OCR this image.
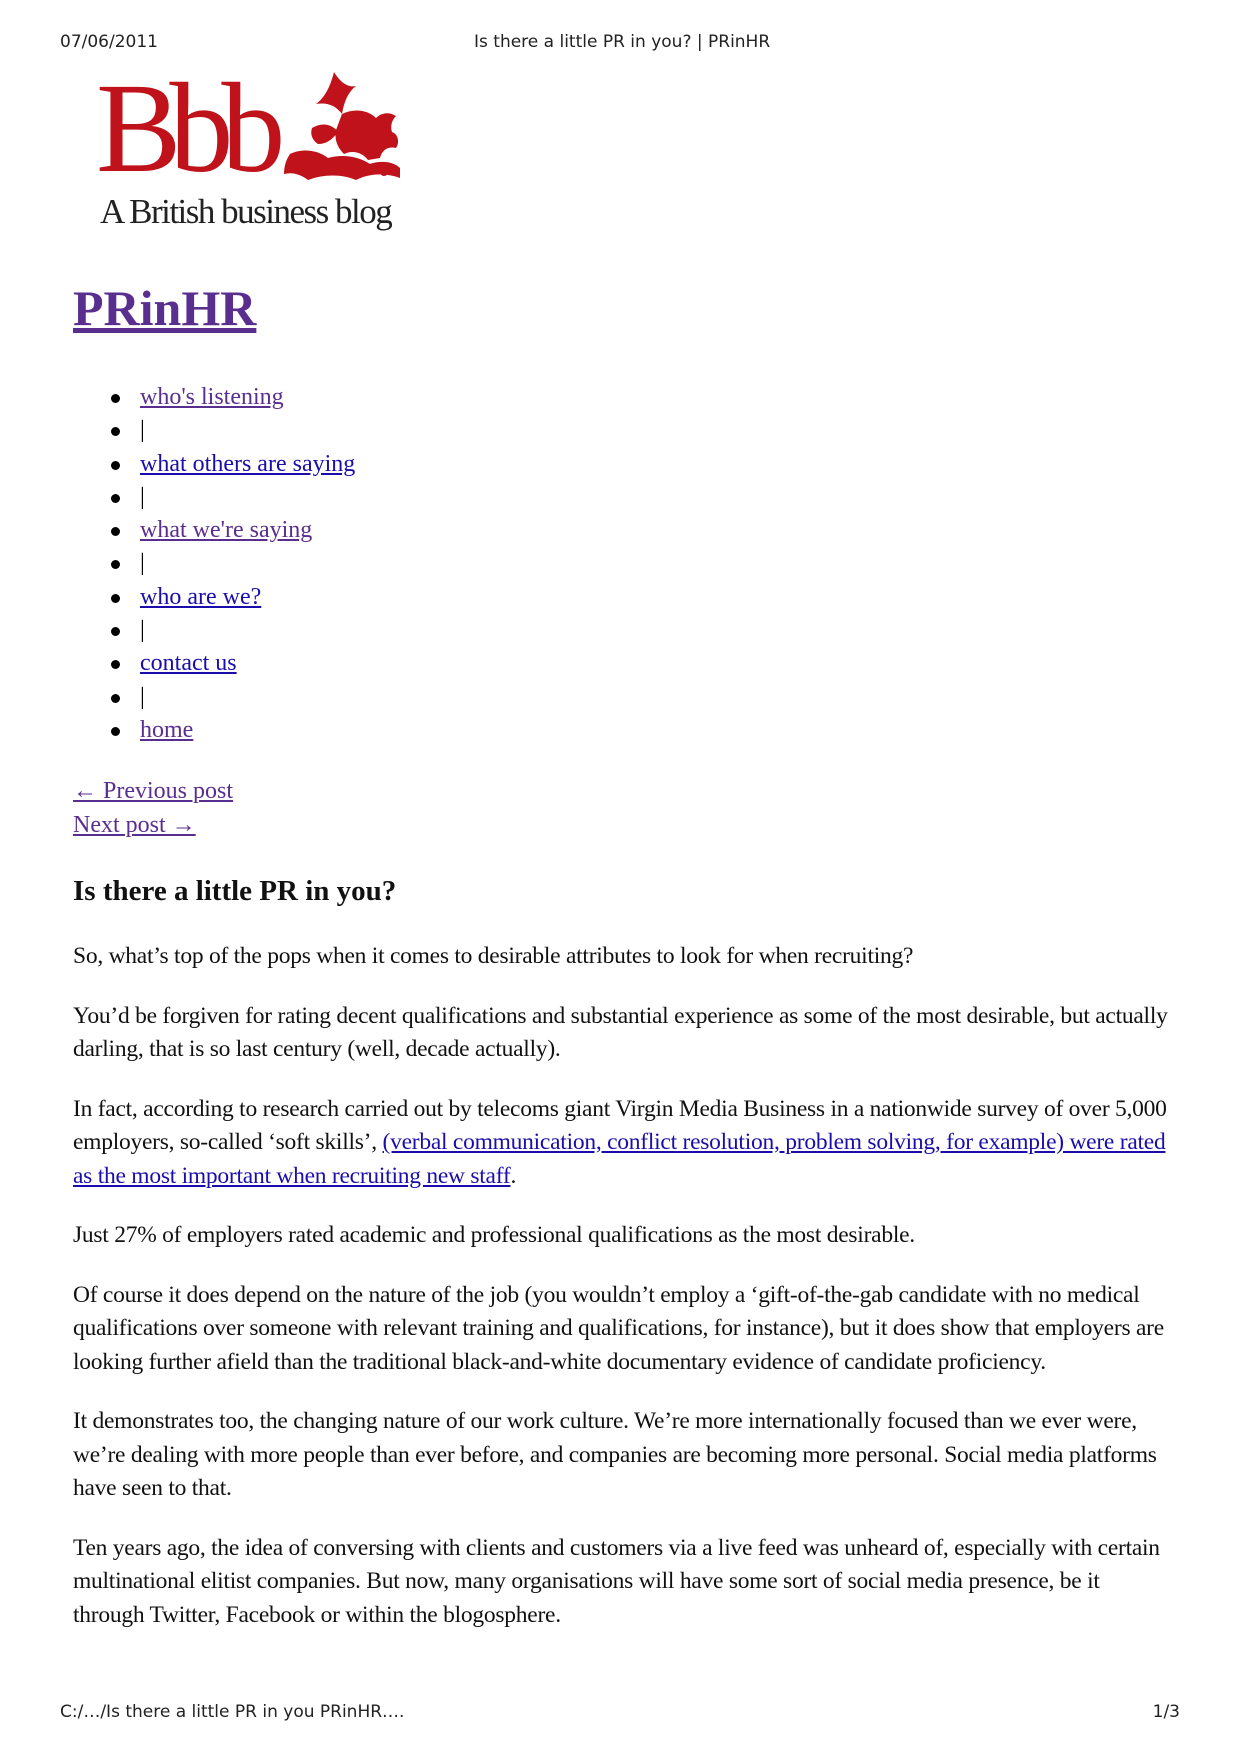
07/06/2011	Is there a little PR in you? | PRinHR
Bbb
A British business blog
PRinHR
who's listening
|
what others are saying
|
what we're saying
|
who are we?
|
contact us
|
home
← Previous post
Next post →
Is there a little PR in you?

So, what’s top of the pops when it comes to desirable attributes to look for when recruiting?

You’d be forgiven for rating decent qualifications and substantial experience as some of the most desirable, but actually darling, that is so last century (well, decade actually).

In fact, according to research carried out by telecoms giant Virgin Media Business in a nationwide survey of over 5,000 employers, so-called ‘soft skills’, (verbal communication, conflict resolution, problem solving, for example) were rated as the most important when recruiting new staff.

Just 27% of employers rated academic and professional qualifications as the most desirable.

Of course it does depend on the nature of the job (you wouldn’t employ a ‘gift-of-the-gab candidate with no medical qualifications over someone with relevant training and qualifications, for instance), but it does show that employers are looking further afield than the traditional black-and-white documentary evidence of candidate proficiency.

It demonstrates too, the changing nature of our work culture. We’re more internationally focused than we ever were, we’re dealing with more people than ever before, and companies are becoming more personal. Social media platforms have seen to that.

Ten years ago, the idea of conversing with clients and customers via a live feed was unheard of, especially with certain multinational elitist companies. But now, many organisations will have some sort of social media presence, be it through Twitter, Facebook or within the blogosphere.

C:/…/Is there a little PR in you PRinHR….	1/3
